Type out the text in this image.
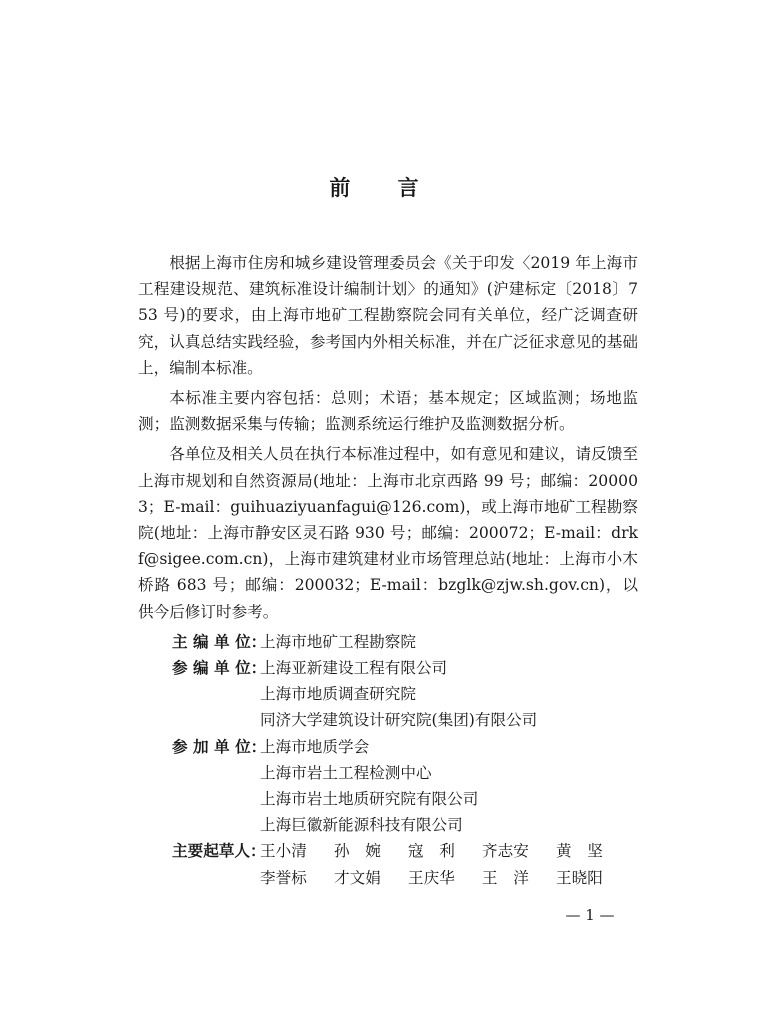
前 言

根据上海市住房和城乡建设管理委员会《关于印发〈2019 年上海市工程建设规范、建筑标准设计编制计划〉的通知》(沪建标定〔2018〕753 号)的要求，由上海市地矿工程勘察院会同有关单位，经广泛调查研究，认真总结实践经验，参考国内外相关标准，并在广泛征求意见的基础上，编制本标准。

本标准主要内容包括：总则；术语；基本规定；区域监测；场地监测；监测数据采集与传输；监测系统运行维护及监测数据分析。

各单位及相关人员在执行本标准过程中，如有意见和建议，请反馈至上海市规划和自然资源局(地址：上海市北京西路 99 号；邮编：200003；E-mail：guihuaziyuanfagui@126.com)，或上海市地矿工程勘察院(地址：上海市静安区灵石路 930 号；邮编：200072；E-mail：drkf@sigee.com.cn)，上海市建筑建材业市场管理总站(地址：上海市小木桥路 683 号；邮编：200032；E-mail：bzglk@zjw.sh.gov.cn)，以供今后修订时参考。

主 编 单 位：
上海市地矿工程勘察院
参 编 单 位：
上海亚新建设工程有限公司
上海市地质调查研究院
同济大学建筑设计研究院(集团)有限公司
参 加 单 位：
上海市地质学会
上海市岩土工程检测中心
上海市岩土地质研究院有限公司
上海巨徽新能源科技有限公司
主要起草人：
王小清	孙　婉	寇　利	齐志安	黄　坚
李誉标	才文娟	王庆华	王　洋	王晓阳
— 1 —
